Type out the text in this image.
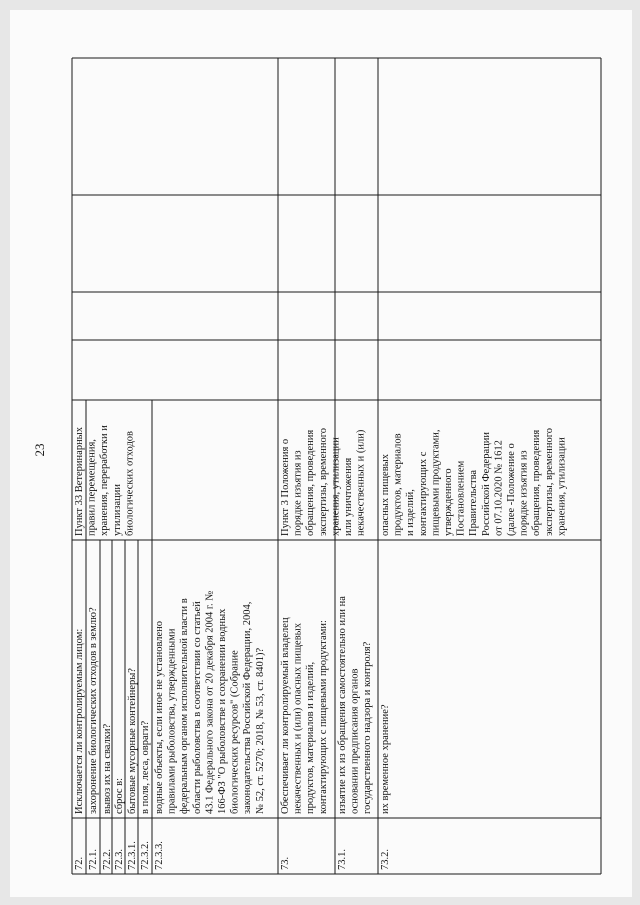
23
72.
Исключается ли контролируемым лицом:
Пункт 33 Ветеринарных правил перемещения, хранения, переработки и утилизации биологических отходов
72.1.
захоронение биологических отходов в землю?
72.2.
вывоз их на свалки?
72.3.
сброс в:
72.3.1.
бытовые мусорные контейнеры?
72.3.2.
в поля, леса, овраги?
72.3.3.
водные объекты, если иное не установлено правилами рыболовства, утвержденными федеральным органом исполнительной власти в области рыболовства в соответствии со статьей 43.1 Федерального закона от 20 декабря 2004 г. № 166-ФЗ "О рыболовстве и сохранении водных биологических ресурсов" (Собрание законодательства Российской Федерации, 2004, № 52, ст. 5270; 2018, № 53, ст. 8401)?
73.
Обеспечивает ли контролируемый владелец некачественных и (или) опасных пищевых продуктов, материалов и изделий, контактирующих с пищевыми продуктами:
Пункт 3 Положения о порядке изъятия из обращения, проведения экспертизы, временного хранения, утилизации или уничтожения некачественных и (или)
73.1.
изъятие их из обращения самостоятельно или на основании предписания органов государственного надзора и контроля?
73.2.
их временное хранение?
опасных пищевых продуктов, материалов и изделий, контактирующих с пищевыми продуктами, утвержденного Постановлением Правительства Российской Федерации от 07.10.2020 № 1612 (далее -Положение о порядке изъятия из обращения, проведения экспертизы, временного хранения, утилизации
